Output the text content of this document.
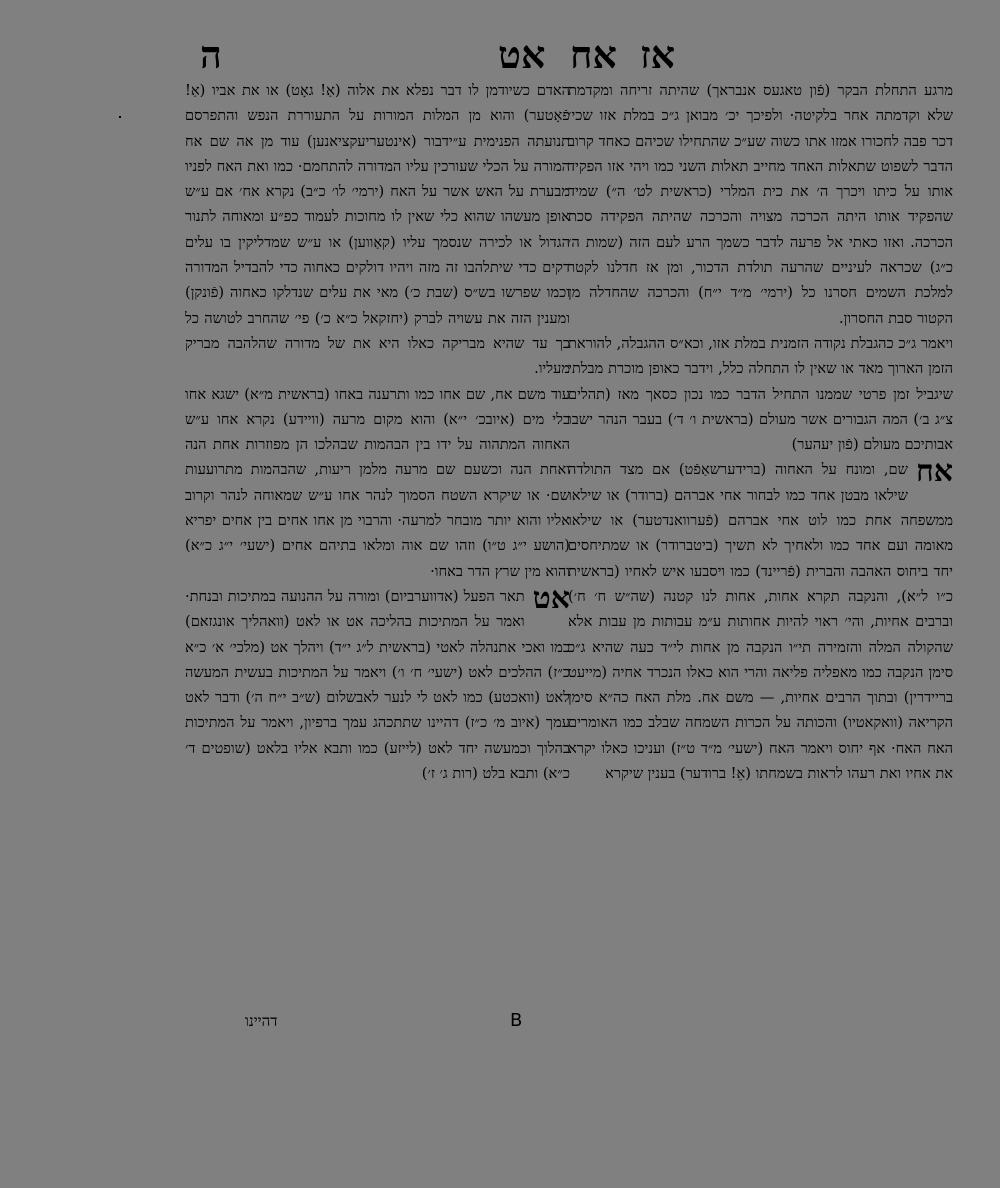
אט אח אז
ה

מרגע התחלת הבקר (פֿון טאגעס אנבראך) שהיתה זריחה ומקדמת שלא וקדמתה אחר בלקיטה· ולפיכך יכ׳ מבואן ג״כ במלת אזו שכי׳ דכר פבה לחכורו אמזו אתו כשוה שע״כ שהתחילו שכיהם כאחד קרוב הדבר לשפוט שתאלות האחד מחייב תאלות השני כמו ויהי אזו הפקיד אותו על כיתו ויכרך ה׳ את כית המלרי (כראשית לט׳ ה״) שמיד שהפקיד אותו היתה הכרכה מצויה והכרכה שהיתה הפקידה סכת הכרכה. ואזו כאתי אל פרעה לדבר כשמך הרע לעם הזה (שמות ה׳ כ״ג) שכראה לעיניים שהרעה תולדת הדכור, ומן אז חדלנו לקטר למלכת השמים חסרנו כל (ירמי׳ מ״ד י״ח) והכרכה שהחדלה מן הקטור סבת החסרון.

ויאמר ג״כ כהגבלת נקודה הזמנית במלת אזו, וכא״ס ההגבלה, להוראת הזמן הארוך מאד או שאין לו התחלה כלל, וידבר כאופן מוכרת מבלתי שיגביל זמן פרטי שממנו התחיל הדבר כמו נכון כסאך מאז (תהלים צ״ג ב׳) המה הגבורים אשר מעולם (בראשית ו׳ ד׳) בעבר הנהר ישבו אבותיכם מעולם (פֿון יעהער)

אח
שם, ומונח על האחוה (ברידערשאַפֿט) אם מצד התולדה שילאו מבטן אחד כמו לבחור אחי אברהם (ברודר) או שילאו ממשפחה אחת כמו לוט אחי אברהם (פֿערוואנדטער) או שילאו מאומה ועם אחד כמו ולאחיך לא תשיך (ביטברודר) או שמתיחסים יחד ביחוס האהבה והברית (פֿריינד) כמו ויסבעו איש לאחיו (בראשית כ״ו ל״א), והנקבה תקרא אחות, אחות לנו קטנה (שה״ש ח׳ ח׳) וברבים אחיות, והי׳ ראוי להיות אחותות ע״מ עבותות מן עבות אלא שהקולה המלה והזמירה תי״ו הנקבה מן אחות לי״ד כעה שהיא ג״כ סימן הנקבה כמו מאפליה פליאה והרי הוא כאלו הנכרד אחיה (מייעט בריידרין) ובתוך הרבים אחיות, — משם אח. מלת האח כה״א סימן הקריאה (וואקאטיו) והכותה על הכרות השמחה שבלב כמו האומרים האח האח· אף יחוס ויאמר האח (ישעי׳ מ״ד ט״ז) ועניכו כאלו יקרא את אחיו ואת רעהו לראות בשמחתו (אֵ! ברודער) בענין שיקרא

האדם כשיודמן לו דבר נפלא את אלוה (אַ! גאָט) או את אביו (אַ! פֿאָטער) והוא מן המלות המורות על התעוררת הנפש והתפרסם תנועתה הפנימית ע״ידבור (אינטעריעקציאנען) עוד מן אה שם אח המורה על הכלי שעורכין עליו המדורה להתחמם· כמו ואת האח לפניו מבערת על האש אשר על האח (ירמי׳ לו׳ כ״ב) נקרא אח׳ אם ע״ש אופן מעשהו שהוא כלי שאין לו מחוכות לעמוד כפ״ע ומאוחה לתנור הגדול או לכירה שנסמך עליו (קאַווען) או ע״ש שמדליקין בו עלים דקים כדי שיתלהבו זה מזה ויהיו דולקים כאחוה כדי להבדיל המדורה וכמו שפרשו בש״ס (שבת כ׳) מאי את עלים שנדלקו כאחוה (פֿונקן) ומענין הזה את עשויה לברק (יחזקאל כ״א כ׳) פי׳ שהחרב לטושה כל כך עד שהיא מבריקה כאלו היא את של מדורה שהלהבה מבריק מעליו.

עוד משם אח, שם אחו כמו ותרענה באחו (בראשית מ״א) ישגא אחו בלי מים (איובכ׳ י״א) והוא מקום מרעה (וויידע) נקרא אחו ע״ש האחוה המתהוה על ידו בין הבהמות שבהלכו הן מפוזרות אחת הנה ואחת הנה וכשעם שם מרעה מלמן ריעות, שהבהמות מתרועעות שם· או שיקרא השטח הסמוך לנהר אחו ע״ש שמאוחה לנהר וקרוב אליו והוא יותר מובחר למרעה· והרבוי מן אחו אחים בין אחים יפריא (הושע י״ג ט״ו) וזהו שם אוה ומלאו בתיהם אחים (ישעי׳ י״ג כ״א) והוא מין שרץ הדר באחו·

אט
תאר הפעל (אדווערביום) ומורה על ההנועה במתיכות ובנחת· ואמר על המתיכות בהליכה אט או לאט (וואהליך אונגזאם) כמו ואכי אתנהלה לאטי (בראשית ל״ג י״ד) ויהלך אט (מלכי׳ א׳ כ״א כ״ז) ההלכים לאט (ישעי׳ ח׳ ו׳) ויאמר על המתיכות בעשית המעשה לאט (וואכטע) כמו לאט לי לנער לאבשלום (ש״ב י״ח ה׳) ודבר לאט עמך (איוב מ׳ כ״ז) דהיינו שתתכהג עמך ברפיון, ויאמר על המתיכות בהלוך וכמעשה יחד לאט (לייזע) כמו ותבא אליו בלאט (שופטים ד׳ כ״א) ותבא בלט (רות ג׳ ז׳)

B
דהיינו
